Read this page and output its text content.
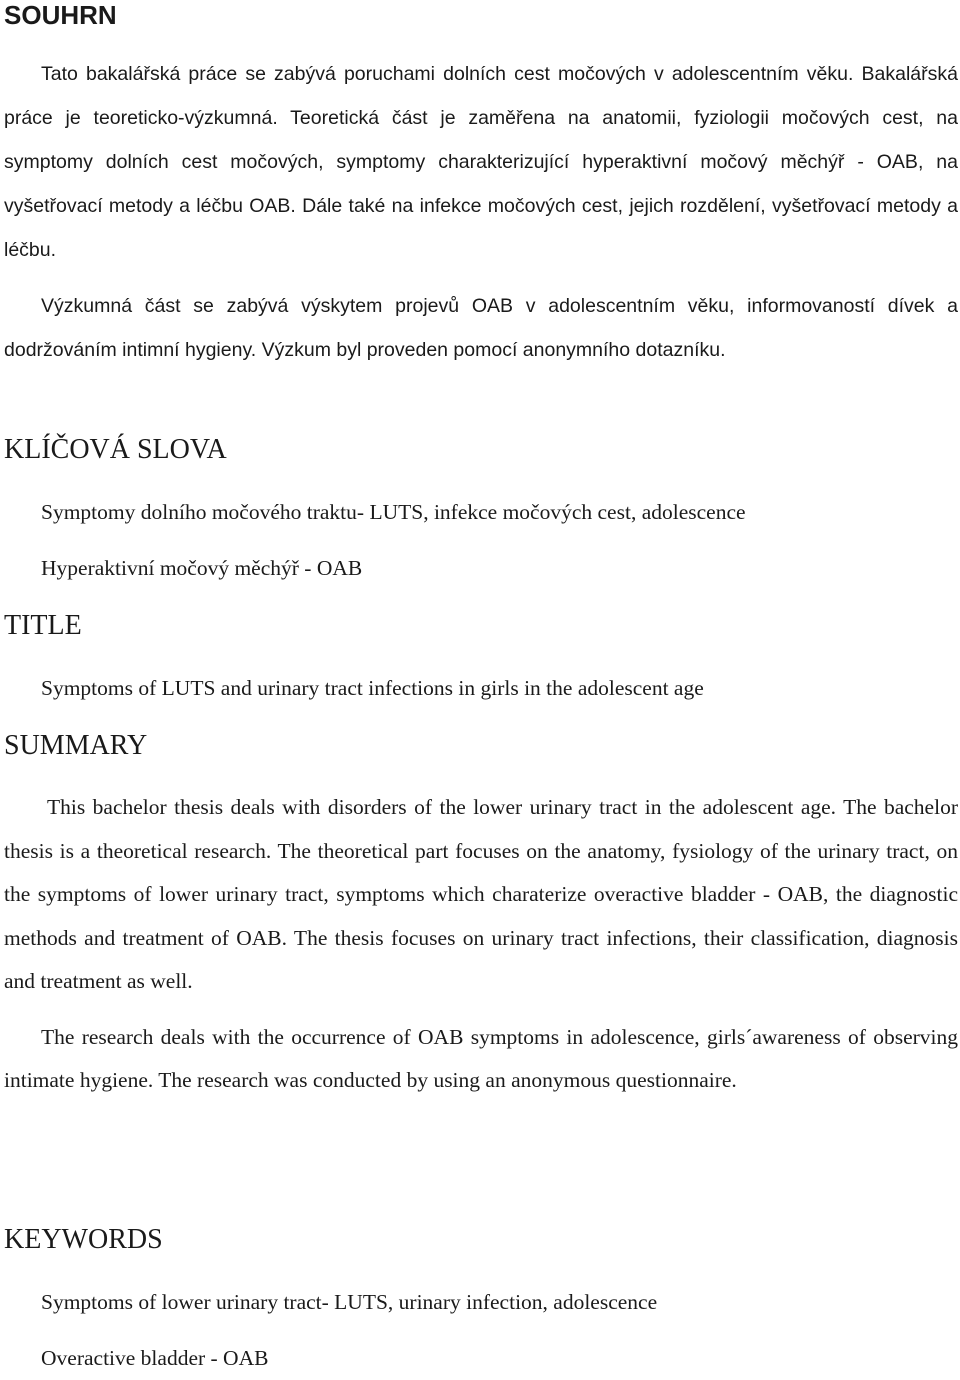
SOUHRN

Tato bakalářská práce se zabývá poruchami dolních cest močových v adolescentním věku. Bakalářská práce je teoreticko-výzkumná. Teoretická část je zaměřena na anatomii, fyziologii močových cest, na symptomy dolních cest močových, symptomy charakterizující hyperaktivní močový měchýř - OAB, na vyšetřovací metody a léčbu OAB. Dále také na infekce močových cest, jejich rozdělení, vyšetřovací metody a léčbu.

Výzkumná část se zabývá výskytem projevů OAB v adolescentním věku, informovaností dívek a dodržováním intimní hygieny. Výzkum byl proveden pomocí anonymního dotazníku.

KLÍČOVÁ SLOVA

Symptomy dolního močového traktu- LUTS, infekce močových cest, adolescence

Hyperaktivní močový měchýř - OAB

TITLE

Symptoms of LUTS and urinary tract infections in girls in the adolescent age

SUMMARY

This bachelor thesis deals with disorders of the lower urinary tract in the adolescent age. The bachelor thesis is a theoretical research. The theoretical part focuses on the anatomy, fysiology of the urinary tract, on the symptoms of lower urinary tract, symptoms which charaterize overactive bladder - OAB, the diagnostic methods and treatment of OAB. The thesis focuses on urinary tract infections, their classification, diagnosis and treatment as well.

The research deals with the occurrence of OAB symptoms in adolescence, girls´awareness of observing intimate hygiene. The research was conducted by using an anonymous questionnaire.

KEYWORDS

Symptoms of lower urinary tract- LUTS, urinary infection, adolescence

Overactive bladder - OAB
